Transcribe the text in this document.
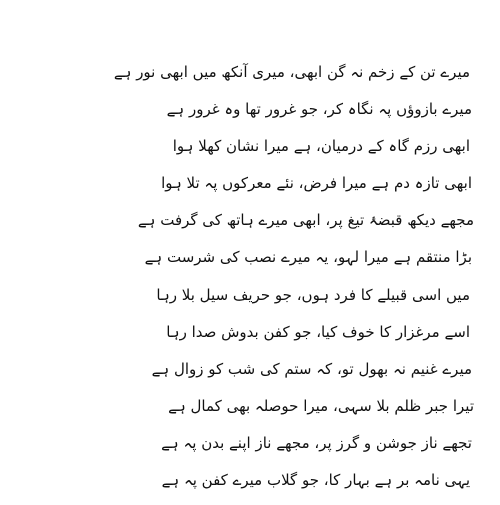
میرے تن کے زخم نہ گن ابھی، میری آنکھ میں ابھی نور ہے
میرے بازوؤں پہ نگاہ کر، جو غرور تھا وہ غرور ہے
ابھی رزم گاہ کے درمیان، ہے میرا نشان کھلا ہوا
ابھی تازہ دم ہے میرا فرض، نئے معرکوں پہ تلا ہوا
مجھے دیکھ قبضۂ تیغ پر، ابھی میرے ہاتھ کی گرفت ہے
بڑا منتقم ہے میرا لہو، یہ میرے نصب کی شرست ہے
میں اسی قبیلے کا فرد ہوں، جو حریف سیل بلا رہا
اسے مرغزار کا خوف کیا، جو کفن بدوش صدا رہا
میرے غنیم نہ بھول تو، کہ ستم کی شب کو زوال ہے
تیرا جبر ظلم بلا سہی، میرا حوصلہ بھی کمال ہے
تجھے ناز جوشن و گرز پر، مجھے ناز اپنے بدن پہ ہے
یہی نامہ بر ہے بہار کا، جو گلاب میرے کفن پہ ہے
